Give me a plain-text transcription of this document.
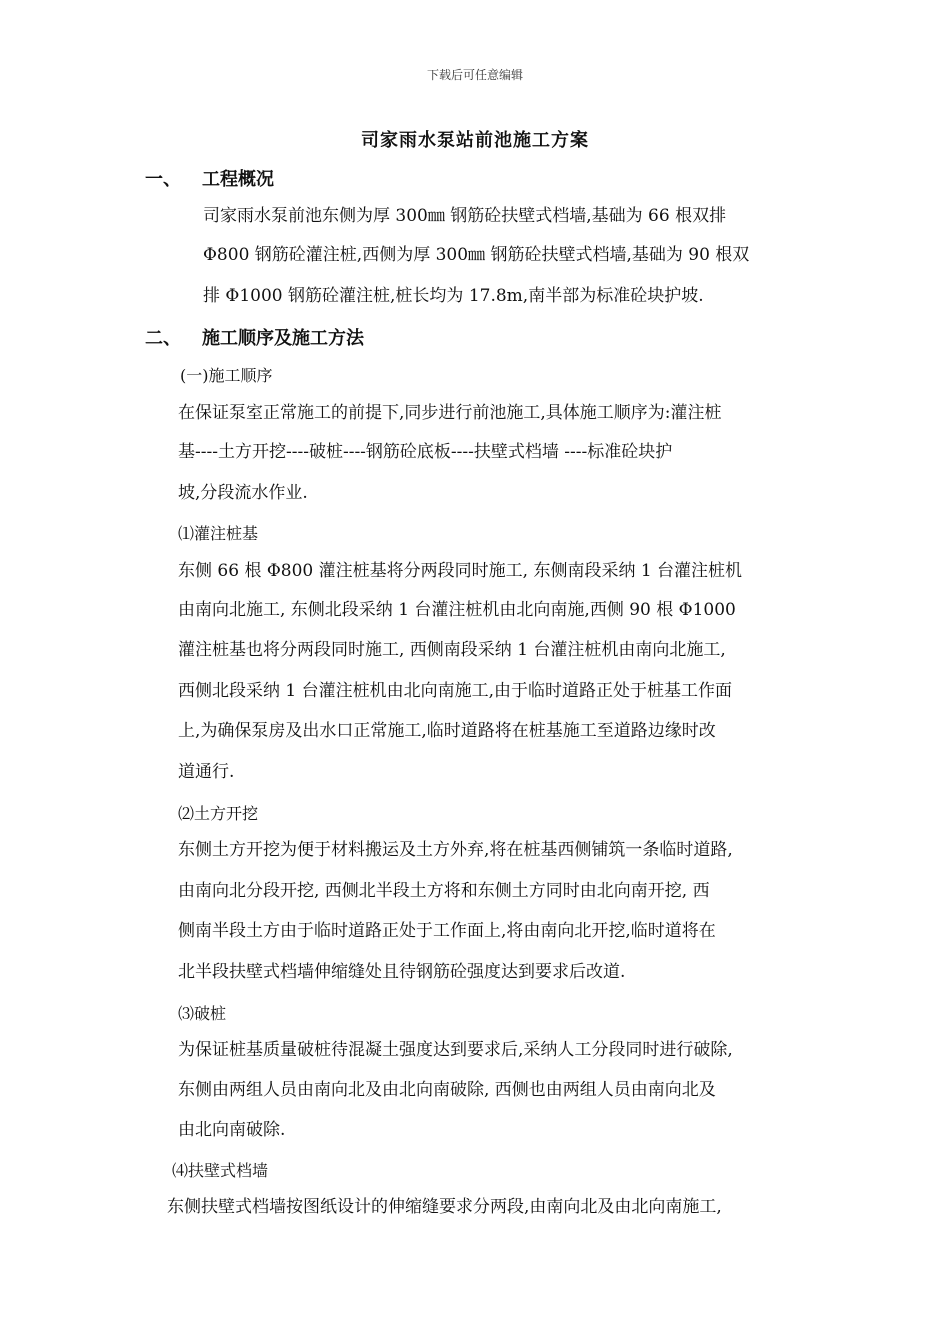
下载后可任意编辑
司家雨水泵站前池施工方案
一、 工程概况
司家雨水泵前池东侧为厚 300㎜ 钢筋砼扶壁式档墙,基础为 66 根双排
Φ800 钢筋砼灌注桩,西侧为厚 300㎜ 钢筋砼扶壁式档墙,基础为 90 根双
排 Φ1000 钢筋砼灌注桩,桩长均为 17.8m,南半部为标准砼块护坡.
二、 施工顺序及施工方法
(一)施工顺序
在保证泵室正常施工的前提下,同步进行前池施工,具体施工顺序为:灌注桩
基----土方开挖----破桩----钢筋砼底板----扶壁式档墙 ----标准砼块护
坡,分段流水作业.
⑴灌注桩基
东侧 66 根 Φ800 灌注桩基将分两段同时施工, 东侧南段采纳 1 台灌注桩机
由南向北施工, 东侧北段采纳 1 台灌注桩机由北向南施,西侧 90 根 Φ1000
灌注桩基也将分两段同时施工, 西侧南段采纳 1 台灌注桩机由南向北施工,
西侧北段采纳 1 台灌注桩机由北向南施工,由于临时道路正处于桩基工作面
上,为确保泵房及出水口正常施工,临时道路将在桩基施工至道路边缘时改
道通行.
⑵土方开挖
东侧土方开挖为便于材料搬运及土方外弃,将在桩基西侧铺筑一条临时道路,
由南向北分段开挖, 西侧北半段土方将和东侧土方同时由北向南开挖, 西
侧南半段土方由于临时道路正处于工作面上,将由南向北开挖,临时道将在
北半段扶壁式档墙伸缩缝处且待钢筋砼强度达到要求后改道.
⑶破桩
为保证桩基质量破桩待混凝土强度达到要求后,采纳人工分段同时进行破除,
东侧由两组人员由南向北及由北向南破除, 西侧也由两组人员由南向北及
由北向南破除.
⑷扶壁式档墙
东侧扶壁式档墙按图纸设计的伸缩缝要求分两段,由南向北及由北向南施工,
